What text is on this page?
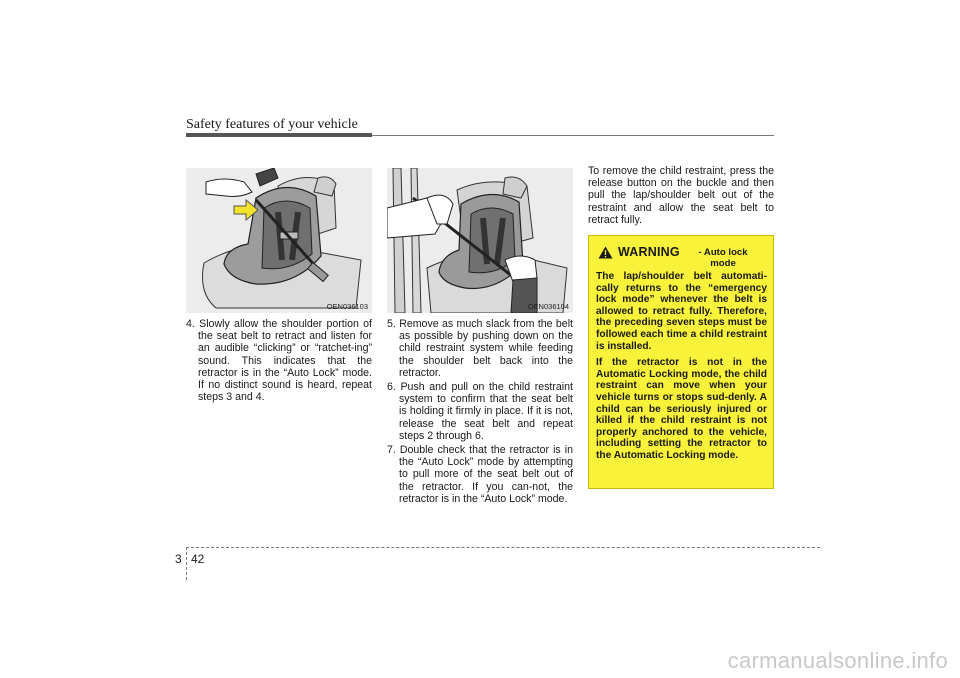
Safety features of your vehicle
OEN036103	OEN036104

4. Slowly allow the shoulder portion of the seat belt to retract and listen for an audible “clicking” or “ratchet-ing” sound. This indicates that the retractor is in the “Auto Lock” mode. If no distinct sound is heard, repeat steps 3 and 4.

5. Remove as much slack from the belt as possible by pushing down on the child restraint system while feeding the shoulder belt back into the retractor.

6. Push and pull on the child restraint system to confirm that the seat belt is holding it firmly in place. If it is not, release the seat belt and repeat steps 2 through 6.

7. Double check that the retractor is in the “Auto Lock” mode by attempting to pull more of the seat belt out of the retractor. If you can-not, the retractor is in the “Auto Lock” mode.

To remove the child restraint, press the release button on the buckle and then pull the lap/shoulder belt out of the restraint and allow the seat belt to retract fully.

WARNING	- Auto lock mode

The lap/shoulder belt automati-cally returns to the “emergency lock mode” whenever the belt is allowed to retract fully. Therefore, the preceding seven steps must be followed each time a child restraint is installed.

If the retractor is not in the Automatic Locking mode, the child restraint can move when your vehicle turns or stops sud-denly. A child can be seriously injured or killed if the child restraint is not properly anchored to the vehicle, including setting the retractor to the Automatic Locking mode.

3 42
carmanualsonline.info
